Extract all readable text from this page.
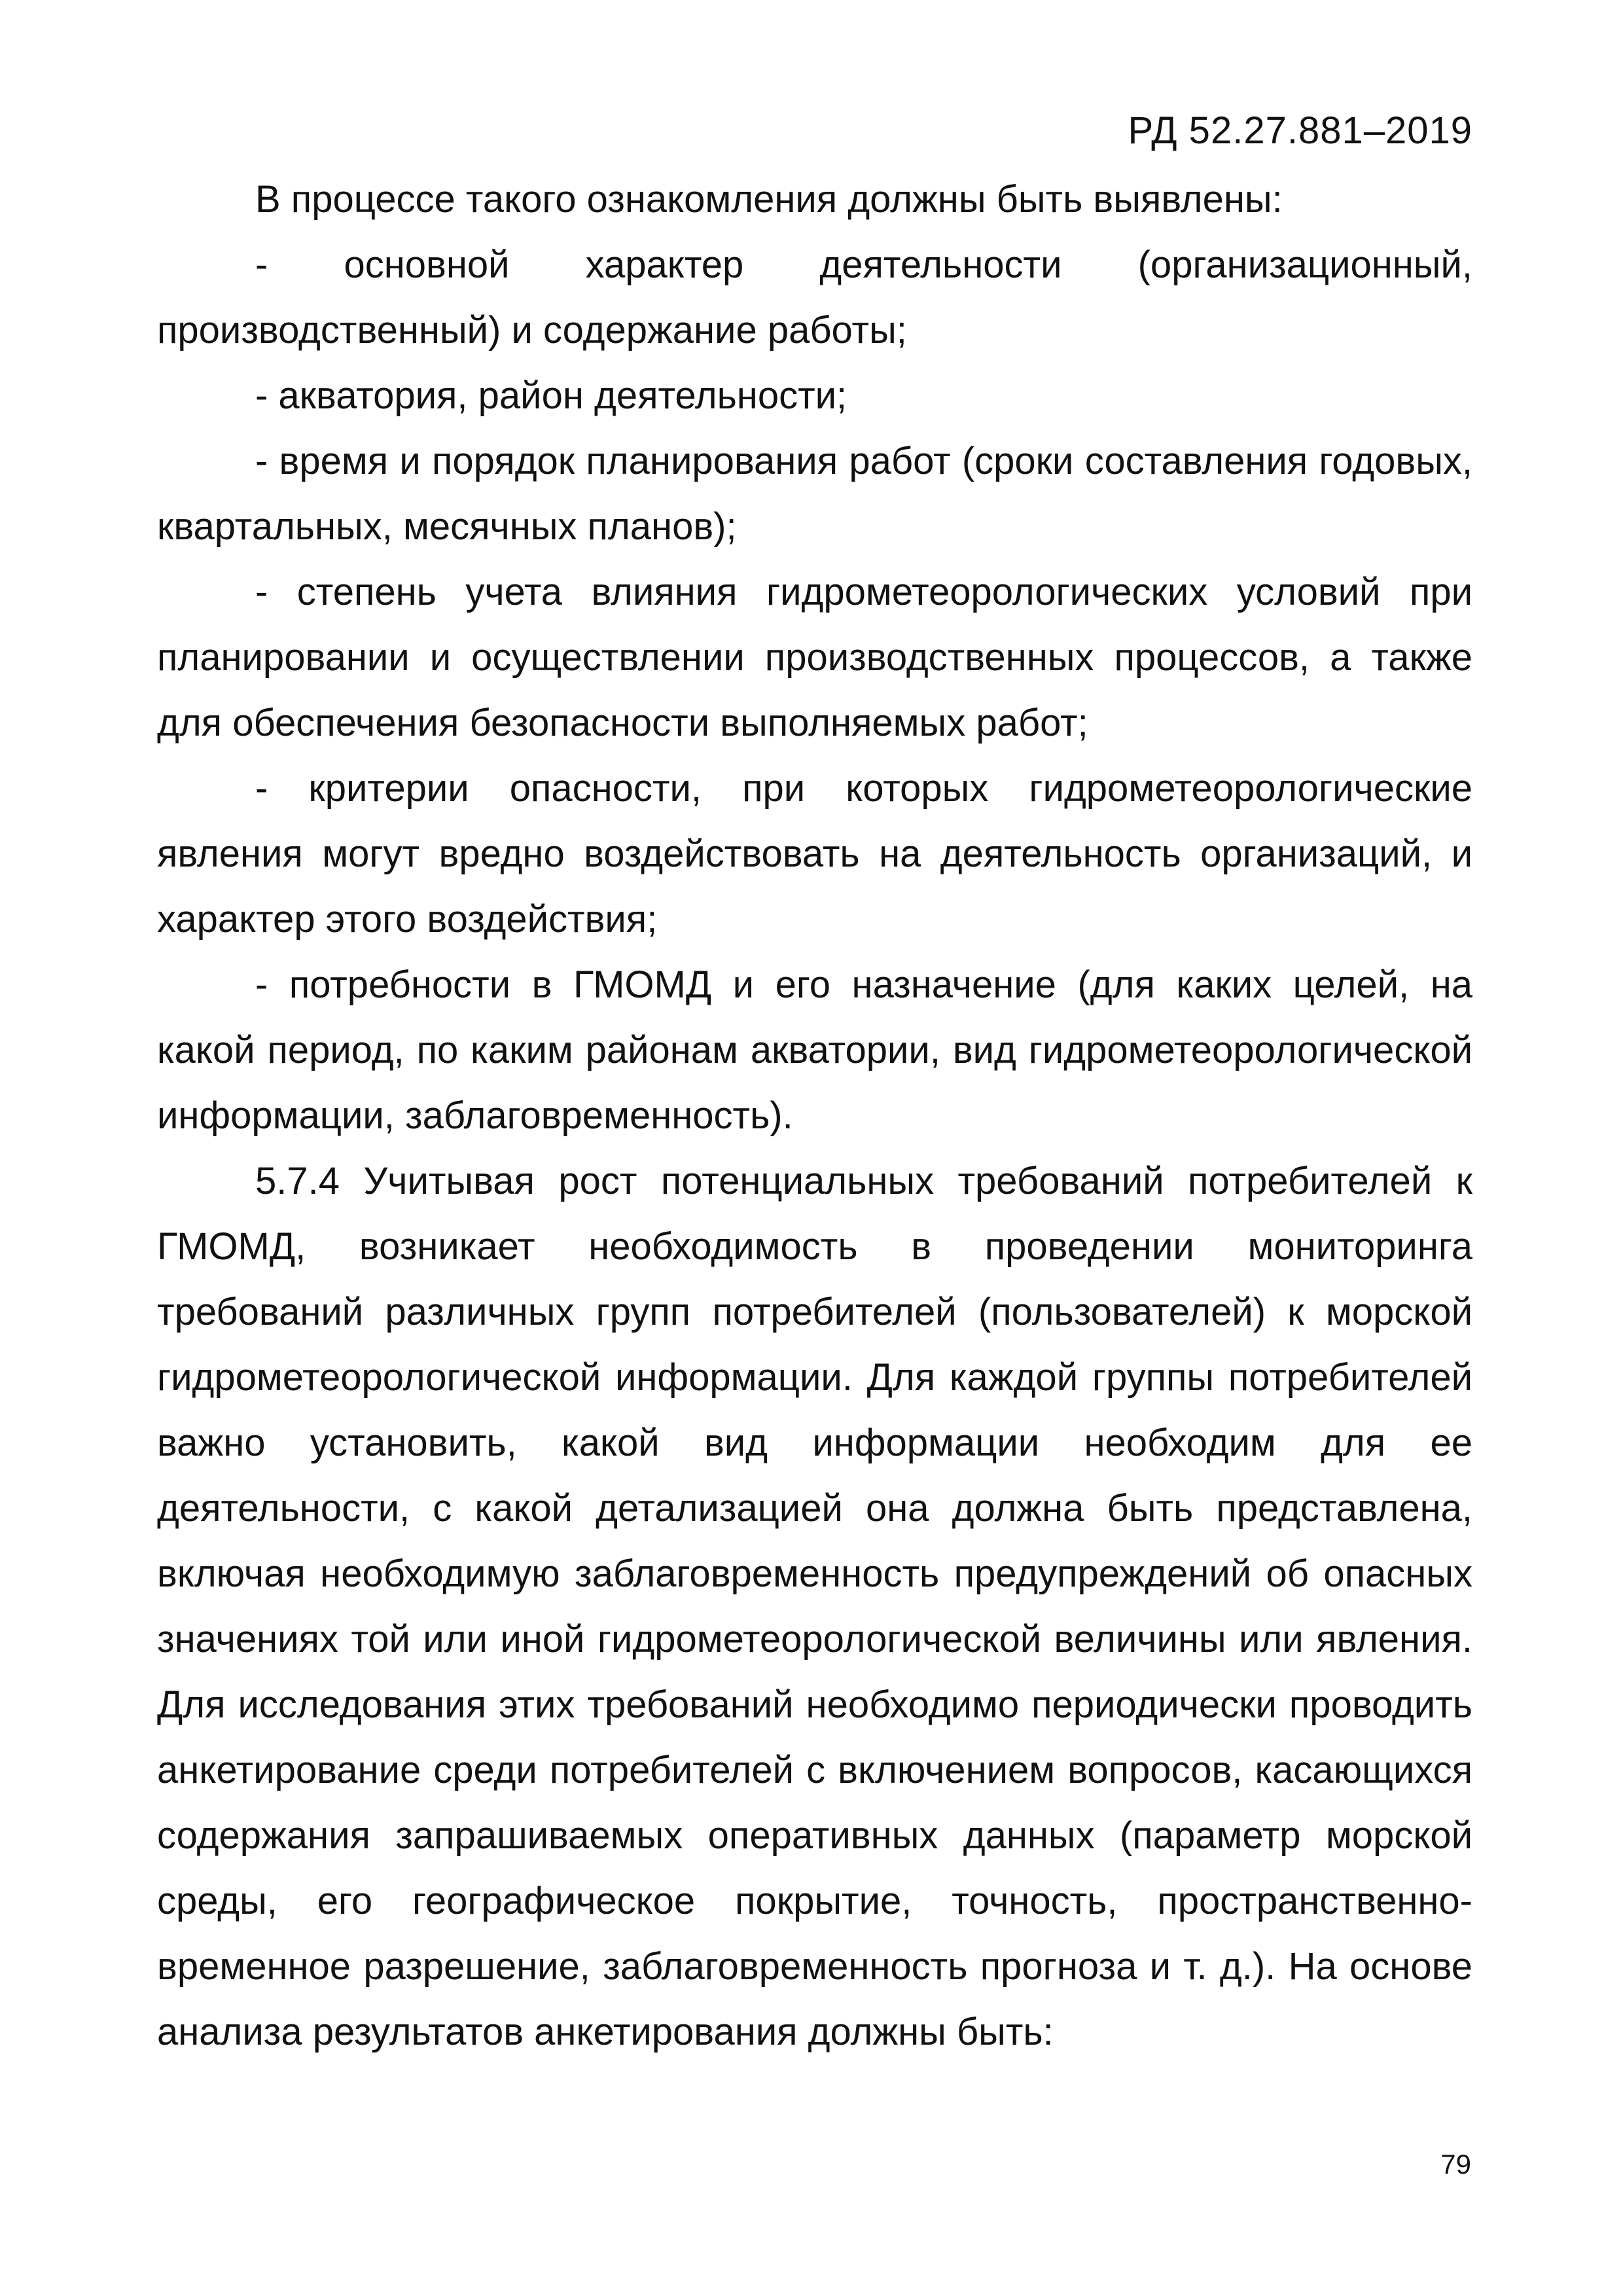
РД 52.27.881–2019

В процессе такого ознакомления должны быть выявлены:

- основной характер деятельности (организационный, производственный) и содержание работы;

- акватория, район деятельности;

- время и порядок планирования работ (сроки составления годовых, квартальных, месячных планов);

- степень учета влияния гидрометеорологических условий при планировании и осуществлении производственных процессов, а также для обеспечения безопасности выполняемых работ;

- критерии опасности, при которых гидрометеорологические явления могут вредно воздействовать на деятельность организаций, и характер этого воздействия;

- потребности в ГМОМД и его назначение (для каких целей, на какой период, по каким районам акватории, вид гидрометеорологической информации, заблаговременность).

5.7.4 Учитывая рост потенциальных требований потребителей к ГМОМД, возникает необходимость в проведении мониторинга требований различных групп потребителей (пользователей) к морской гидрометеорологической информации. Для каждой группы потребителей важно установить, какой вид информации необходим для ее деятельности, с какой детализацией она должна быть представлена, включая необходимую заблаговременность предупреждений об опасных значениях той или иной гидрометеорологической величины или явления. Для исследования этих требований необходимо периодически проводить анкетирование среди потребителей с включением вопросов, касающихся содержания запрашиваемых оперативных данных (параметр морской среды, его географическое покрытие, точность, пространственно-временное разрешение, заблаговременность прогноза и т. д.). На основе анализа результатов анкетирования должны быть:

79
